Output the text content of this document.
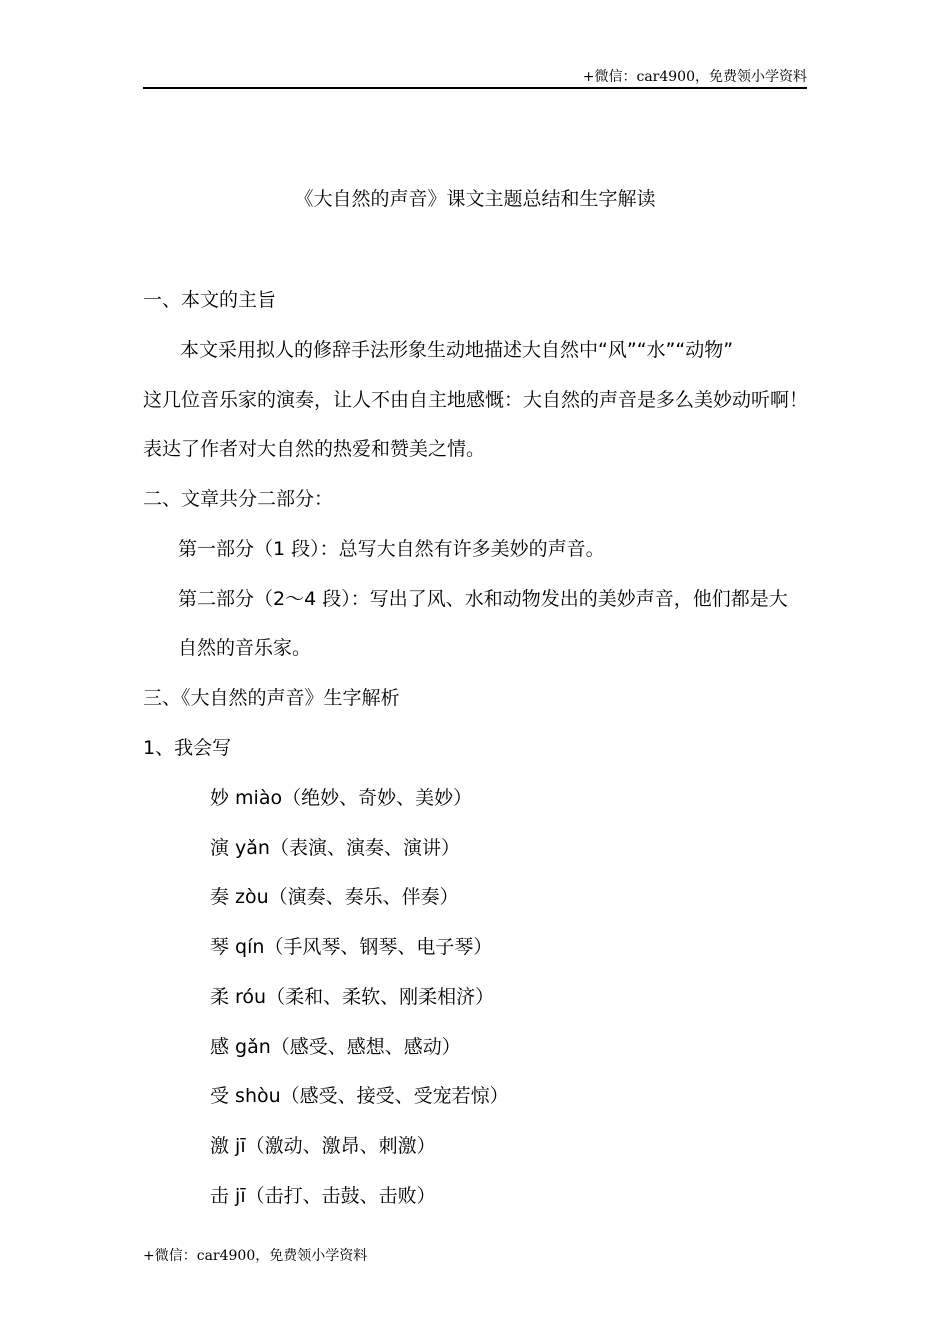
+微信：car4900，免费领小学资料
《大自然的声音》课文主题总结和生字解读
一、本文的主旨
本文采用拟人的修辞手法形象生动地描述大自然中“风”“水”“动物”
这几位音乐家的演奏，让人不由自主地感慨：大自然的声音是多么美妙动听啊！
表达了作者对大自然的热爱和赞美之情。
二、文章共分二部分：
第一部分（1 段）：总写大自然有许多美妙的声音。
第二部分（2～4 段）：写出了风、水和动物发出的美妙声音，他们都是大
自然的音乐家。
三、《大自然的声音》生字解析
1、我会写
妙 miào（绝妙、奇妙、美妙）
演 yǎn（表演、演奏、演讲）
奏 zòu（演奏、奏乐、伴奏）
琴 qín（手风琴、钢琴、电子琴）
柔 róu（柔和、柔软、刚柔相济）
感 gǎn（感受、感想、感动）
受 shòu（感受、接受、受宠若惊）
激 jī（激动、激昂、刺激）
击 jī（击打、击鼓、击败）
+微信：car4900，免费领小学资料
